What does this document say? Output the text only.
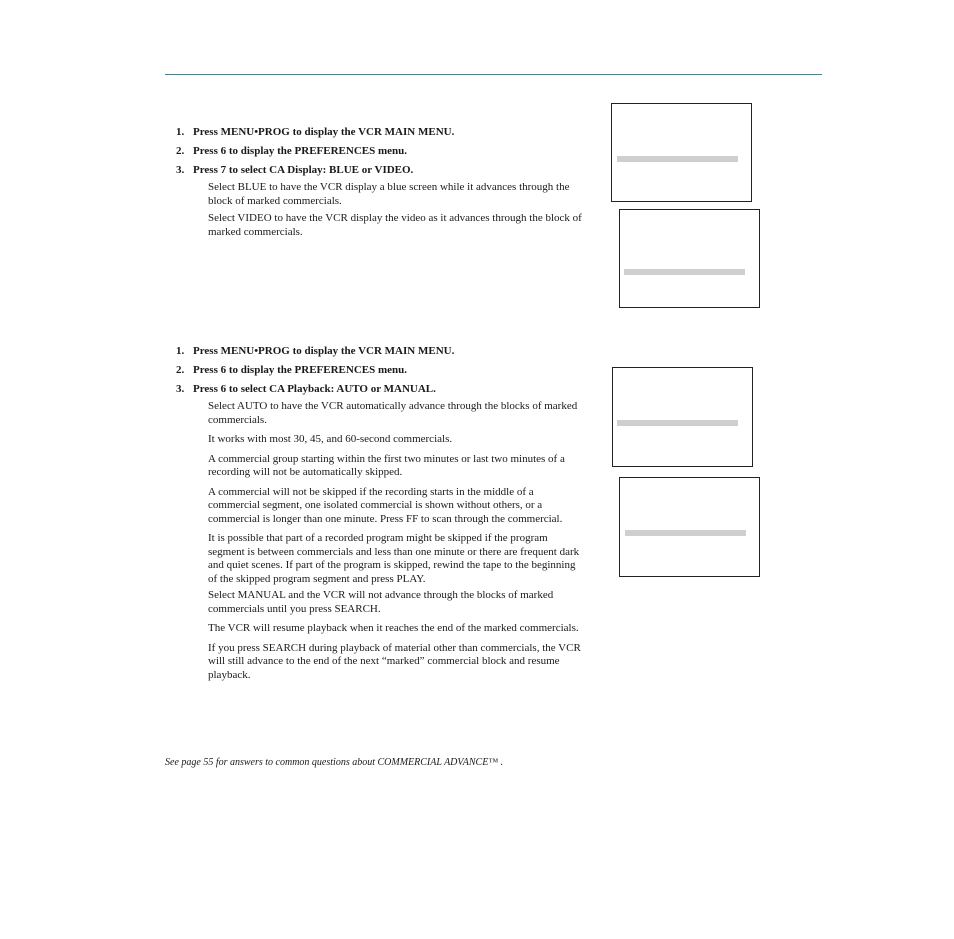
1. Press MENU•PROG to display the VCR MAIN MENU.
2. Press 6 to display the PREFERENCES menu.
3. Press 7 to select CA Display: BLUE or VIDEO.

Select BLUE to have the VCR display a blue screen while it advances through the block of marked commercials.

Select VIDEO to have the VCR display the video as it advances through the block of marked commercials.

1. Press MENU•PROG to display the VCR MAIN MENU.
2. Press 6 to display the PREFERENCES menu.
3. Press 6 to select CA Playback: AUTO or MANUAL.

Select AUTO to have the VCR automatically advance through the blocks of marked commercials.

It works with most 30, 45, and 60-second commercials.

A commercial group starting within the first two minutes or last two minutes of a recording will not be automatically skipped.

A commercial will not be skipped if the recording starts in the middle of a commercial segment, one isolated commercial is shown without others, or a commercial is longer than one minute. Press FF to scan through the commercial.

It is possible that part of a recorded program might be skipped if the program segment is between commercials and less than one minute or there are frequent dark and quiet scenes. If part of the program is skipped, rewind the tape to the beginning of the skipped program segment and press PLAY.

Select MANUAL and the VCR will not advance through the blocks of marked commercials until you press SEARCH.

The VCR will resume playback when it reaches the end of the marked commercials.

If you press SEARCH during playback of material other than commercials, the VCR will still advance to the end of the next “marked” commercial block and resume playback.

See page 55 for answers to common questions about COMMERCIAL ADVANCE™ .
